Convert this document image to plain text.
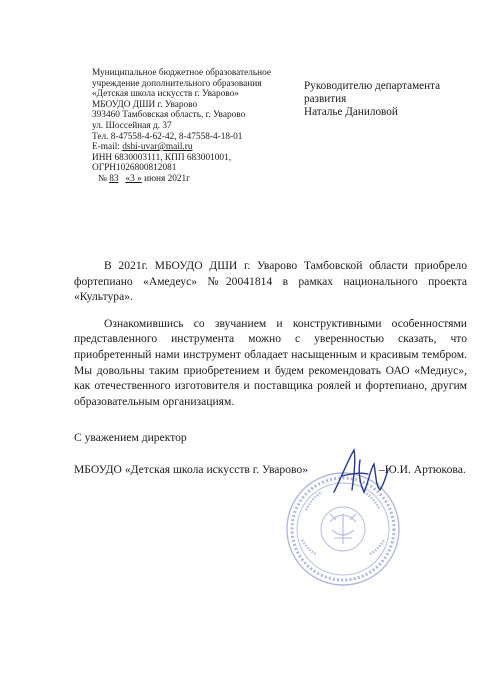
Муниципальное бюджетное образовательное
учреждение дополнительного образования
«Детская школа искусств г. Уварово»
МБОУДО ДШИ г. Уварово
393460 Тамбовская область, г. Уварово
ул. Шоссейная д. 37
Тел. 8-47558-4-62-42, 8-47558-4-18-01
E-mail: dshi-uvar@mail.ru
ИНН 6830003111, КПП 683001001,
ОГРН1026800812081
№ 83 «3 » июня 2021г
Руководителю департамента
развития
Наталье Даниловой

В 2021г. МБОУДО ДШИ г. Уварово Тамбовской области приобрело фортепиано «Амедеус» №20041814 в рамках национального проекта «Культура».

Ознакомившись со звучанием и конструктивными особенностями представленного инструмента можно с уверенностью сказать, что приобретенный нами инструмент обладает насыщенным и красивым тембром. Мы довольны таким приобретением и будем рекомендовать ОАО «Медиус», как отечественного изготовителя и поставщика роялей и фортепиано, другим образовательным организациям.

С уважением директор
МБОУДО «Детская школа искусств г. Уварово»	–Ю.И. Артюкова.
